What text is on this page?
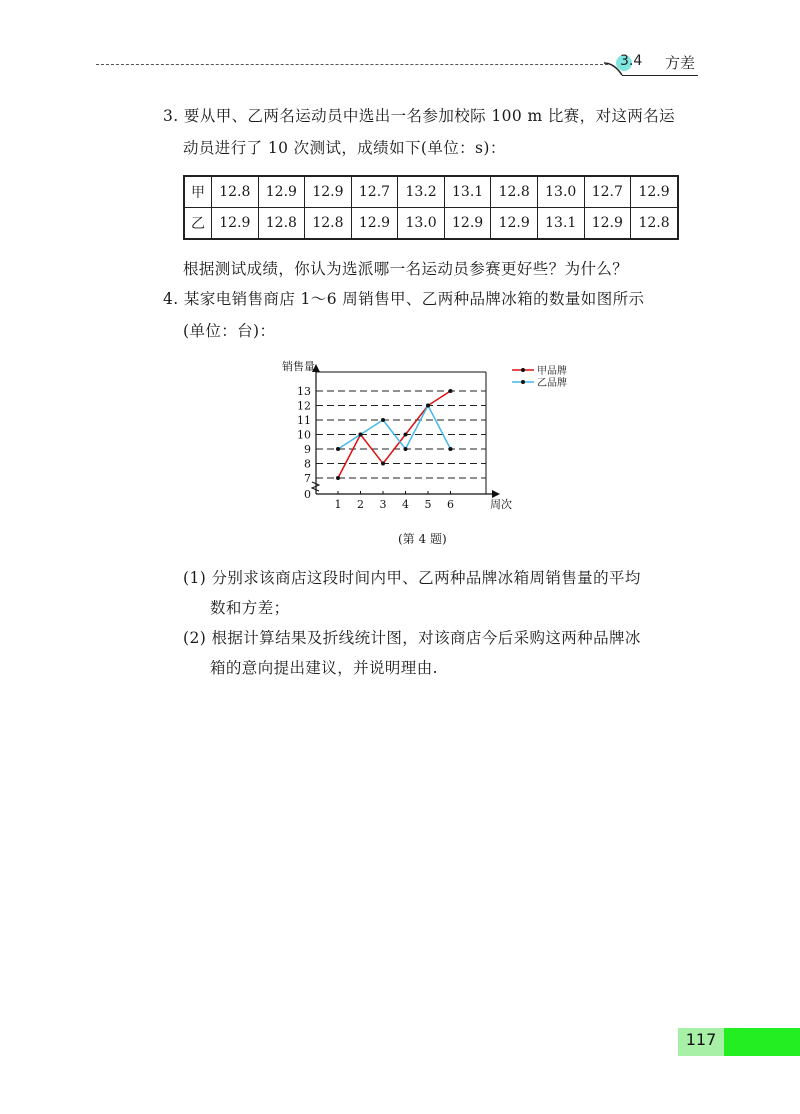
3.4 方差
3. 要从甲、乙两名运动员中选出一名参加校际 100 m 比赛，对这两名运
动员进行了 10 次测试，成绩如下(单位：s)：
甲	12.8	12.9	12.9	12.7	13.2	13.1	12.8	13.0	12.7	12.9
乙	12.9	12.8	12.8	12.9	13.0	12.9	12.9	13.1	12.9	12.8
根据测试成绩，你认为选派哪一名运动员参赛更好些？为什么？
4. 某家电销售商店 1～6 周销售甲、乙两种品牌冰箱的数量如图所示
(单位：台)：
0
7
8
9
10
11
12
13
1 2 3 4 5 6	周次
销售量	甲品牌
乙品牌
(第 4 题)
(1) 分别求该商店这段时间内甲、乙两种品牌冰箱周销售量的平均
数和方差；
(2) 根据计算结果及折线统计图，对该商店今后采购这两种品牌冰
箱的意向提出建议，并说明理由.
117
